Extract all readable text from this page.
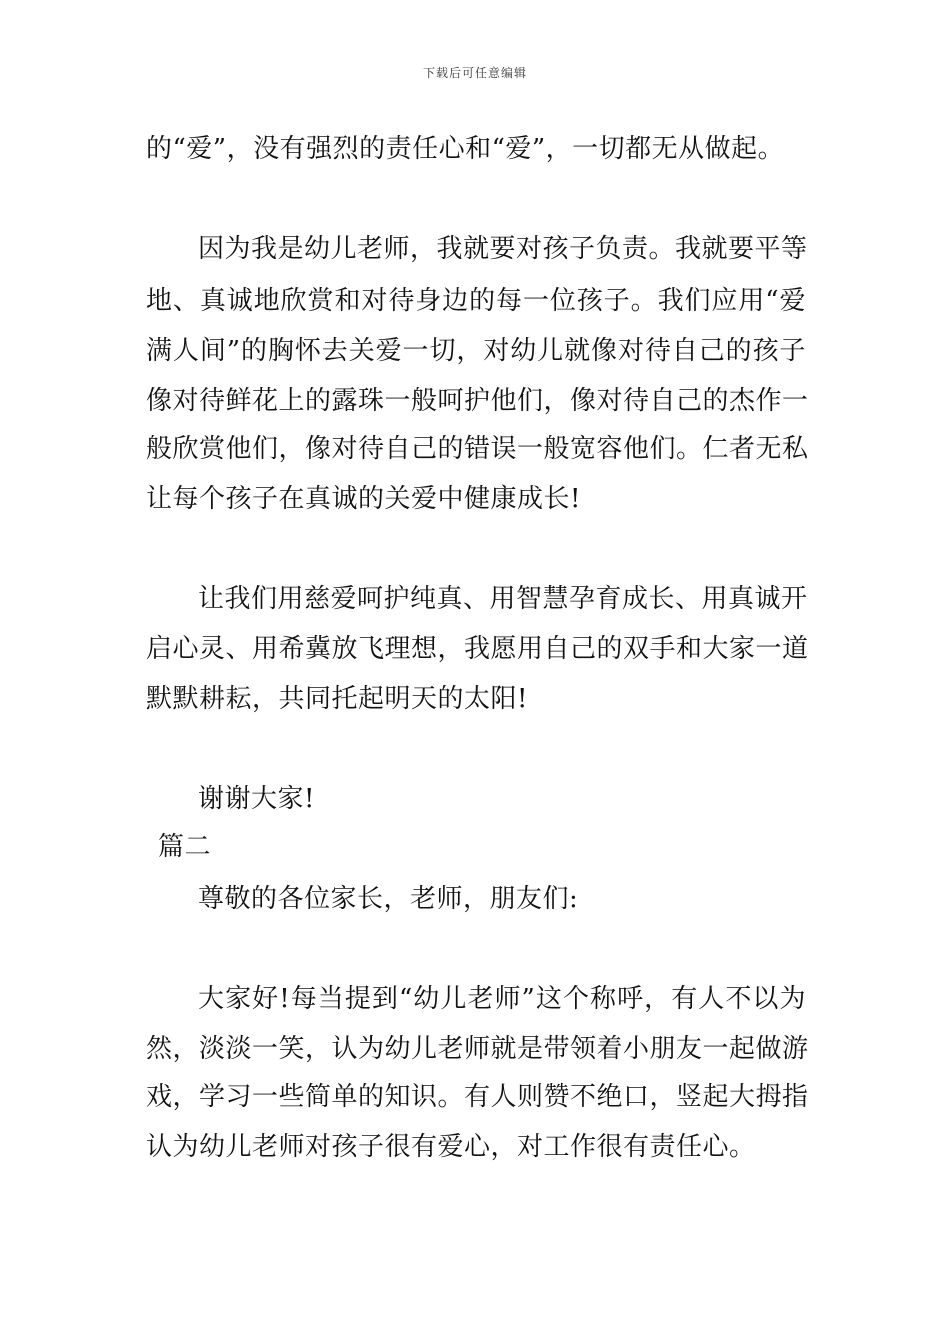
下载后可任意编辑
的“爱”，没有强烈的责任心和“爱”，一切都无从做起。
因为我是幼儿老师，我就要对孩子负责。我就要平等
地、真诚地欣赏和对待身边的每一位孩子。我们应用“爱
满人间”的胸怀去关爱一切，对幼儿就像对待自己的孩子
像对待鲜花上的露珠一般呵护他们，像对待自己的杰作一
般欣赏他们，像对待自己的错误一般宽容他们。仁者无私
让每个孩子在真诚的关爱中健康成长!
让我们用慈爱呵护纯真、用智慧孕育成长、用真诚开
启心灵、用希冀放飞理想，我愿用自己的双手和大家一道
默默耕耘，共同托起明天的太阳!
谢谢大家!
篇二
尊敬的各位家长，老师，朋友们:
大家好!每当提到“幼儿老师”这个称呼，有人不以为
然，淡淡一笑，认为幼儿老师就是带领着小朋友一起做游
戏，学习一些简单的知识。有人则赞不绝口，竖起大拇指
认为幼儿老师对孩子很有爱心，对工作很有责任心。
